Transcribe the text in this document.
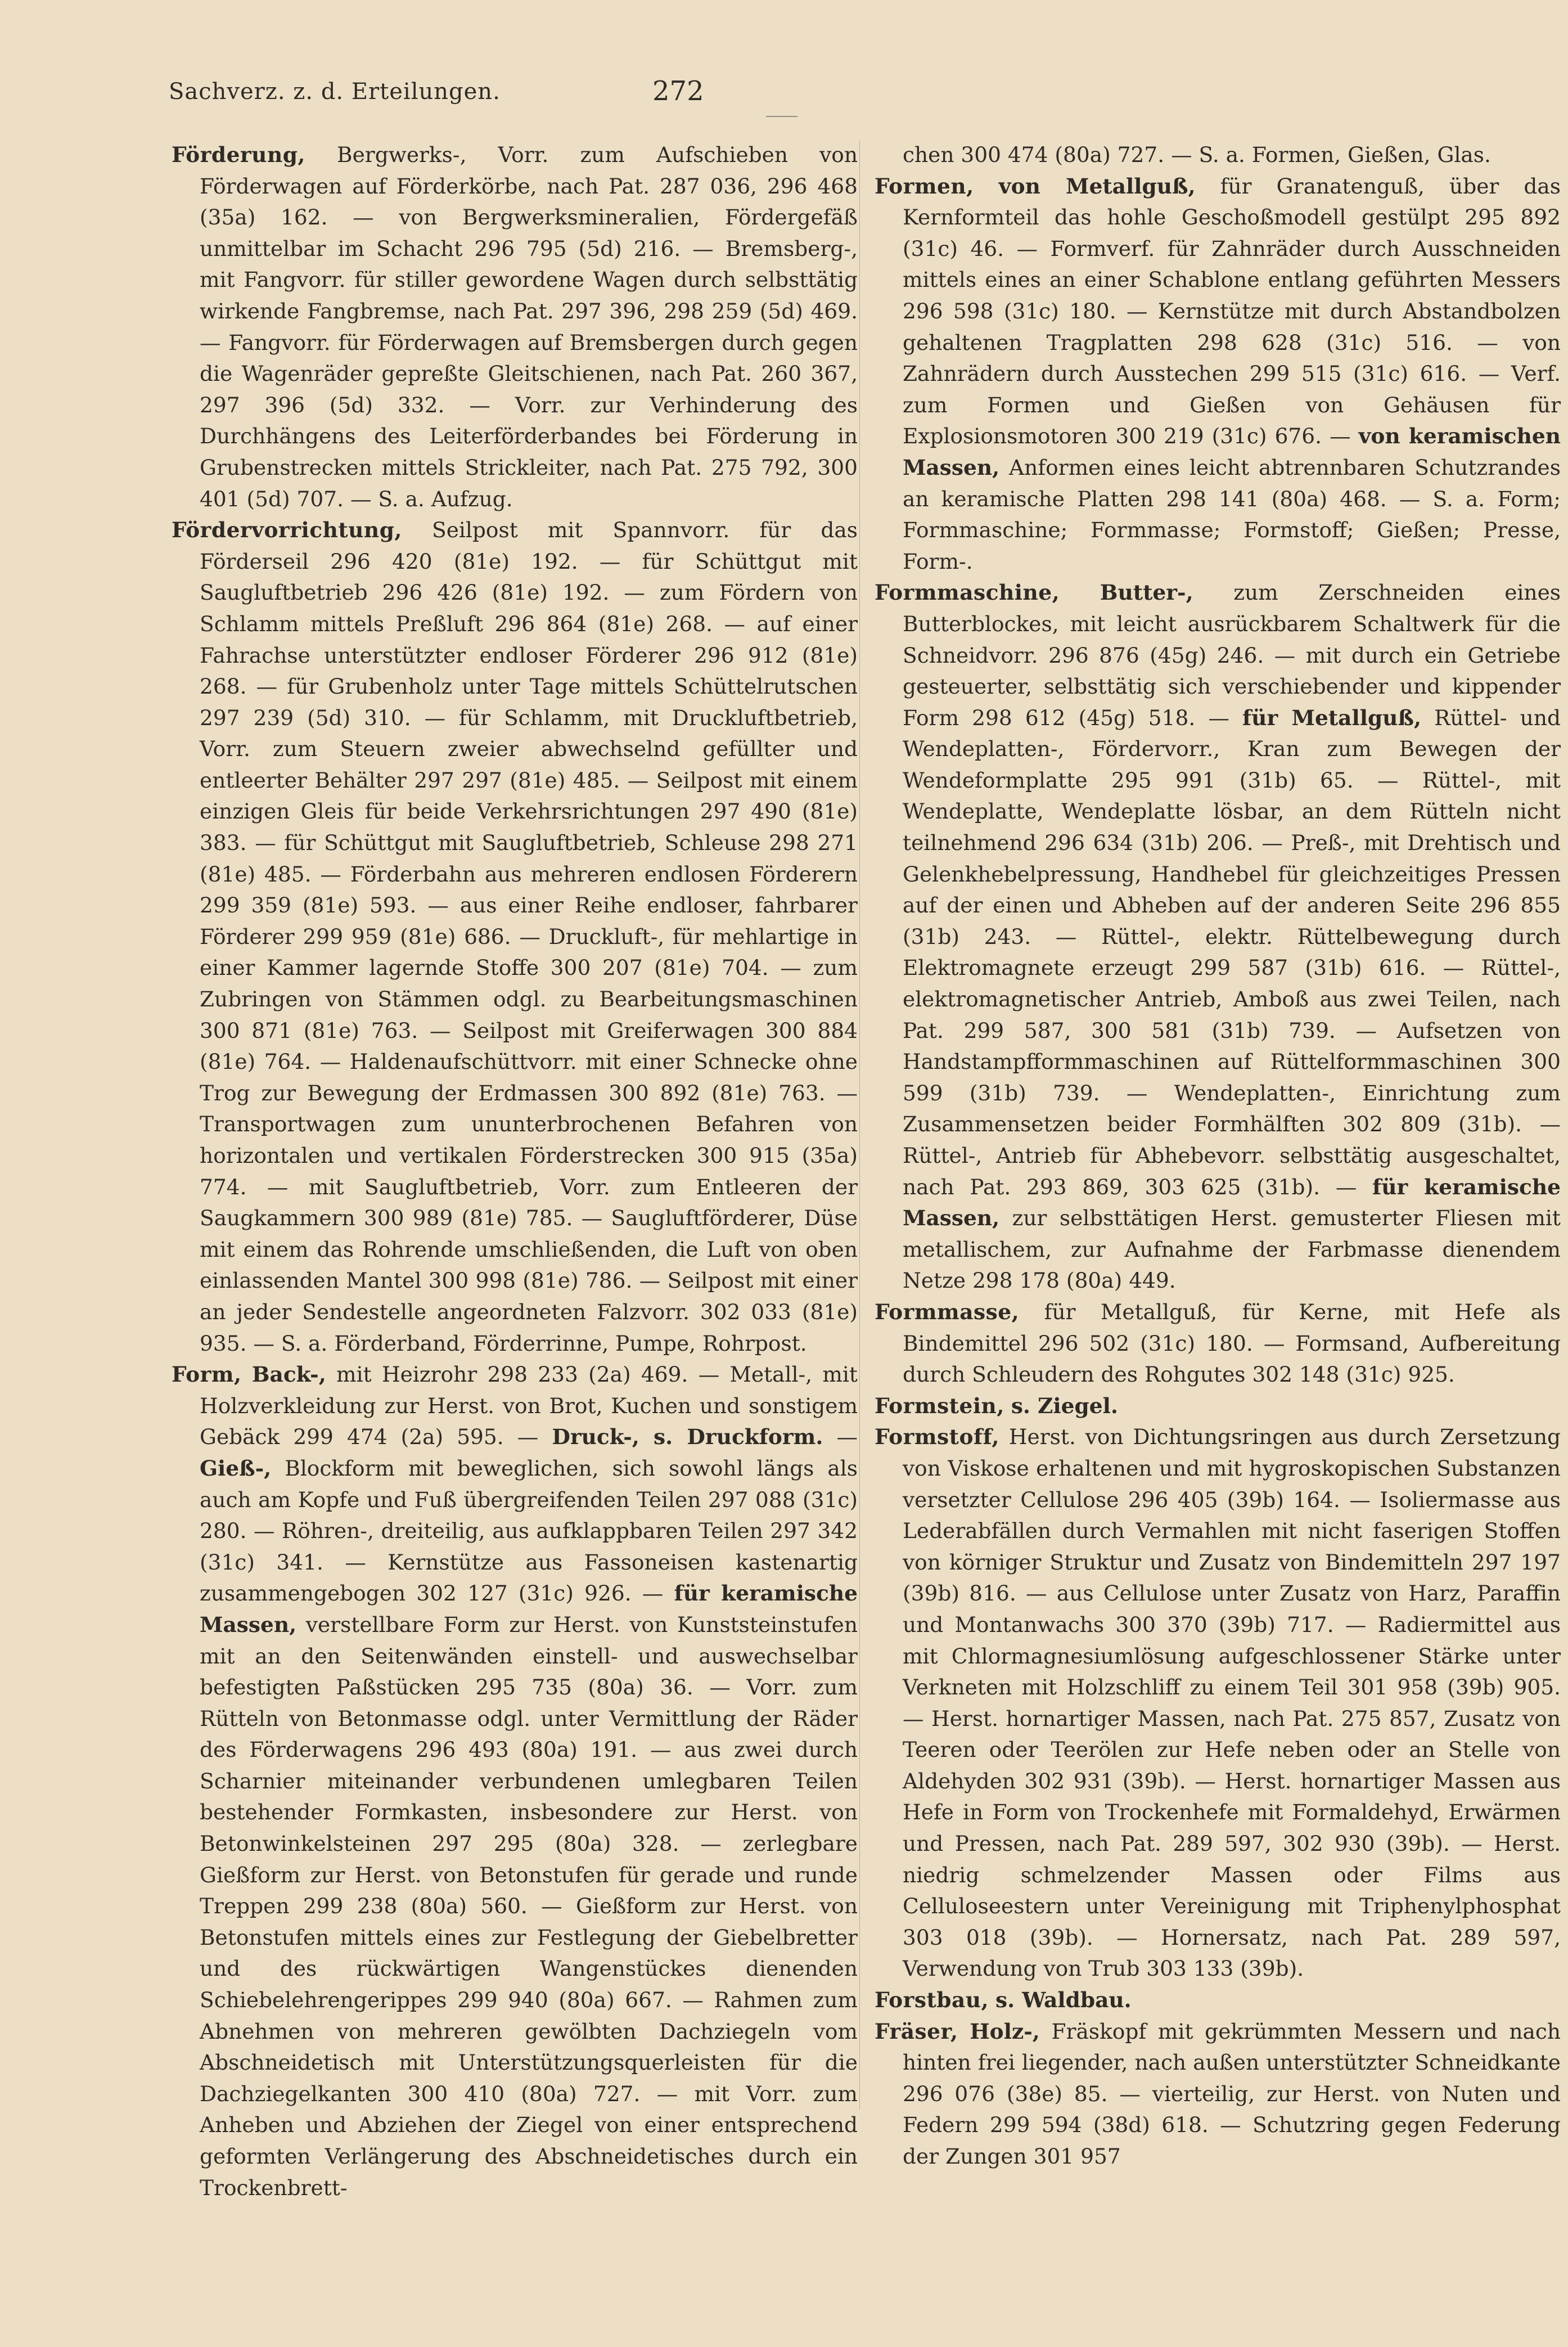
Sachverz. z. d. Erteilungen.	272

Förderung, Bergwerks-, Vorr. zum Aufschieben von Förderwagen auf Förderkörbe, nach Pat. 287 036, 296 468 (35a) 162. — von Bergwerksmineralien, Fördergefäß unmittelbar im Schacht 296 795 (5d) 216. — Bremsberg-, mit Fangvorr. für stiller gewordene Wagen durch selbsttätig wirkende Fangbremse, nach Pat. 297 396, 298 259 (5d) 469. — Fangvorr. für Förderwagen auf Bremsbergen durch gegen die Wagenräder gepreßte Gleitschienen, nach Pat. 260 367, 297 396 (5d) 332. — Vorr. zur Verhinderung des Durchhängens des Leiterförderbandes bei Förderung in Grubenstrecken mittels Strickleiter, nach Pat. 275 792, 300 401 (5d) 707. — S. a. Aufzug.

Fördervorrichtung, Seilpost mit Spannvorr. für das Förderseil 296 420 (81e) 192. — für Schüttgut mit Saugluftbetrieb 296 426 (81e) 192. — zum Fördern von Schlamm mittels Preßluft 296 864 (81e) 268. — auf einer Fahrachse unterstützter endloser Förderer 296 912 (81e) 268. — für Grubenholz unter Tage mittels Schüttelrutschen 297 239 (5d) 310. — für Schlamm, mit Druckluftbetrieb, Vorr. zum Steuern zweier abwechselnd gefüllter und entleerter Behälter 297 297 (81e) 485. — Seilpost mit einem einzigen Gleis für beide Verkehrsrichtungen 297 490 (81e) 383. — für Schüttgut mit Saugluftbetrieb, Schleuse 298 271 (81e) 485. — Förderbahn aus mehreren endlosen Förderern 299 359 (81e) 593. — aus einer Reihe endloser, fahrbarer Förderer 299 959 (81e) 686. — Druckluft-, für mehlartige in einer Kammer lagernde Stoffe 300 207 (81e) 704. — zum Zubringen von Stämmen odgl. zu Bearbeitungsmaschinen 300 871 (81e) 763. — Seilpost mit Greiferwagen 300 884 (81e) 764. — Haldenaufschüttvorr. mit einer Schnecke ohne Trog zur Bewegung der Erdmassen 300 892 (81e) 763. — Transportwagen zum ununterbrochenen Befahren von horizontalen und vertikalen Förderstrecken 300 915 (35a) 774. — mit Saugluftbetrieb, Vorr. zum Entleeren der Saugkammern 300 989 (81e) 785. — Saugluftförderer, Düse mit einem das Rohrende umschließenden, die Luft von oben einlassenden Mantel 300 998 (81e) 786. — Seilpost mit einer an jeder Sendestelle angeordneten Falzvorr. 302 033 (81e) 935. — S. a. Förderband, Förderrinne, Pumpe, Rohrpost.

Form, Back-, mit Heizrohr 298 233 (2a) 469. — Metall-, mit Holzverkleidung zur Herst. von Brot, Kuchen und sonstigem Gebäck 299 474 (2a) 595. — Druck-, s. Druckform. — Gieß-, Blockform mit beweglichen, sich sowohl längs als auch am Kopfe und Fuß übergreifenden Teilen 297 088 (31c) 280. — Röhren-, dreiteilig, aus aufklappbaren Teilen 297 342 (31c) 341. — Kernstütze aus Fassoneisen kastenartig zusammengebogen 302 127 (31c) 926. — für keramische Massen, verstellbare Form zur Herst. von Kunststeinstufen mit an den Seitenwänden einstell- und auswechselbar befestigten Paßstücken 295 735 (80a) 36. — Vorr. zum Rütteln von Betonmasse odgl. unter Vermittlung der Räder des Förderwagens 296 493 (80a) 191. — aus zwei durch Scharnier miteinander verbundenen umlegbaren Teilen bestehender Formkasten, insbesondere zur Herst. von Betonwinkelsteinen 297 295 (80a) 328. — zerlegbare Gießform zur Herst. von Betonstufen für gerade und runde Treppen 299 238 (80a) 560. — Gießform zur Herst. von Betonstufen mittels eines zur Festlegung der Giebelbretter und des rückwärtigen Wangenstückes dienenden Schiebelehrengerippes 299 940 (80a) 667. — Rahmen zum Abnehmen von mehreren gewölbten Dachziegeln vom Abschneidetisch mit Unterstützungsquerleisten für die Dachziegelkanten 300 410 (80a) 727. — mit Vorr. zum Anheben und Abziehen der Ziegel von einer entsprechend geformten Verlängerung des Abschneidetisches durch ein Trockenbrett-

chen 300 474 (80a) 727. — S. a. Formen, Gießen, Glas.

Formen, von Metallguß, für Granatenguß, über das Kernformteil das hohle Geschoßmodell gestülpt 295 892 (31c) 46. — Formverf. für Zahnräder durch Ausschneiden mittels eines an einer Schablone entlang geführten Messers 296 598 (31c) 180. — Kernstütze mit durch Abstandbolzen gehaltenen Tragplatten 298 628 (31c) 516. — von Zahnrädern durch Ausstechen 299 515 (31c) 616. — Verf. zum Formen und Gießen von Gehäusen für Explosionsmotoren 300 219 (31c) 676. — von keramischen Massen, Anformen eines leicht abtrennbaren Schutzrandes an keramische Platten 298 141 (80a) 468. — S. a. Form; Formmaschine; Formmasse; Formstoff; Gießen; Presse, Form-.

Formmaschine, Butter-, zum Zerschneiden eines Butterblockes, mit leicht ausrückbarem Schaltwerk für die Schneidvorr. 296 876 (45g) 246. — mit durch ein Getriebe gesteuerter, selbsttätig sich verschiebender und kippender Form 298 612 (45g) 518. — für Metallguß, Rüttel- und Wendeplatten-, Fördervorr., Kran zum Bewegen der Wendeformplatte 295 991 (31b) 65. — Rüttel-, mit Wendeplatte, Wendeplatte lösbar, an dem Rütteln nicht teilnehmend 296 634 (31b) 206. — Preß-, mit Drehtisch und Gelenkhebelpressung, Handhebel für gleichzeitiges Pressen auf der einen und Abheben auf der anderen Seite 296 855 (31b) 243. — Rüttel-, elektr. Rüttelbewegung durch Elektromagnete erzeugt 299 587 (31b) 616. — Rüttel-, elektromagnetischer Antrieb, Amboß aus zwei Teilen, nach Pat. 299 587, 300 581 (31b) 739. — Aufsetzen von Handstampfformmaschinen auf Rüttelformmaschinen 300 599 (31b) 739. — Wendeplatten-, Einrichtung zum Zusammensetzen beider Formhälften 302 809 (31b). — Rüttel-, Antrieb für Abhebevorr. selbsttätig ausgeschaltet, nach Pat. 293 869, 303 625 (31b). — für keramische Massen, zur selbsttätigen Herst. gemusterter Fliesen mit metallischem, zur Aufnahme der Farbmasse dienendem Netze 298 178 (80a) 449.

Formmasse, für Metallguß, für Kerne, mit Hefe als Bindemittel 296 502 (31c) 180. — Formsand, Aufbereitung durch Schleudern des Rohgutes 302 148 (31c) 925.

Formstein, s. Ziegel.

Formstoff, Herst. von Dichtungsringen aus durch Zersetzung von Viskose erhaltenen und mit hygroskopischen Substanzen versetzter Cellulose 296 405 (39b) 164. — Isoliermasse aus Lederabfällen durch Vermahlen mit nicht faserigen Stoffen von körniger Struktur und Zusatz von Bindemitteln 297 197 (39b) 816. — aus Cellulose unter Zusatz von Harz, Paraffin und Montanwachs 300 370 (39b) 717. — Radiermittel aus mit Chlormagnesiumlösung aufgeschlossener Stärke unter Verkneten mit Holzschliff zu einem Teil 301 958 (39b) 905. — Herst. hornartiger Massen, nach Pat. 275 857, Zusatz von Teeren oder Teerölen zur Hefe neben oder an Stelle von Aldehyden 302 931 (39b). — Herst. hornartiger Massen aus Hefe in Form von Trockenhefe mit Formaldehyd, Erwärmen und Pressen, nach Pat. 289 597, 302 930 (39b). — Herst. niedrig schmelzender Massen oder Films aus Celluloseestern unter Vereinigung mit Triphenylphosphat 303 018 (39b). — Hornersatz, nach Pat. 289 597, Verwendung von Trub 303 133 (39b).

Forstbau, s. Waldbau.

Fräser, Holz-, Fräskopf mit gekrümmten Messern und nach hinten frei liegender, nach außen unterstützter Schneidkante 296 076 (38e) 85. — vierteilig, zur Herst. von Nuten und Federn 299 594 (38d) 618. — Schutzring gegen Federung der Zungen 301 957
